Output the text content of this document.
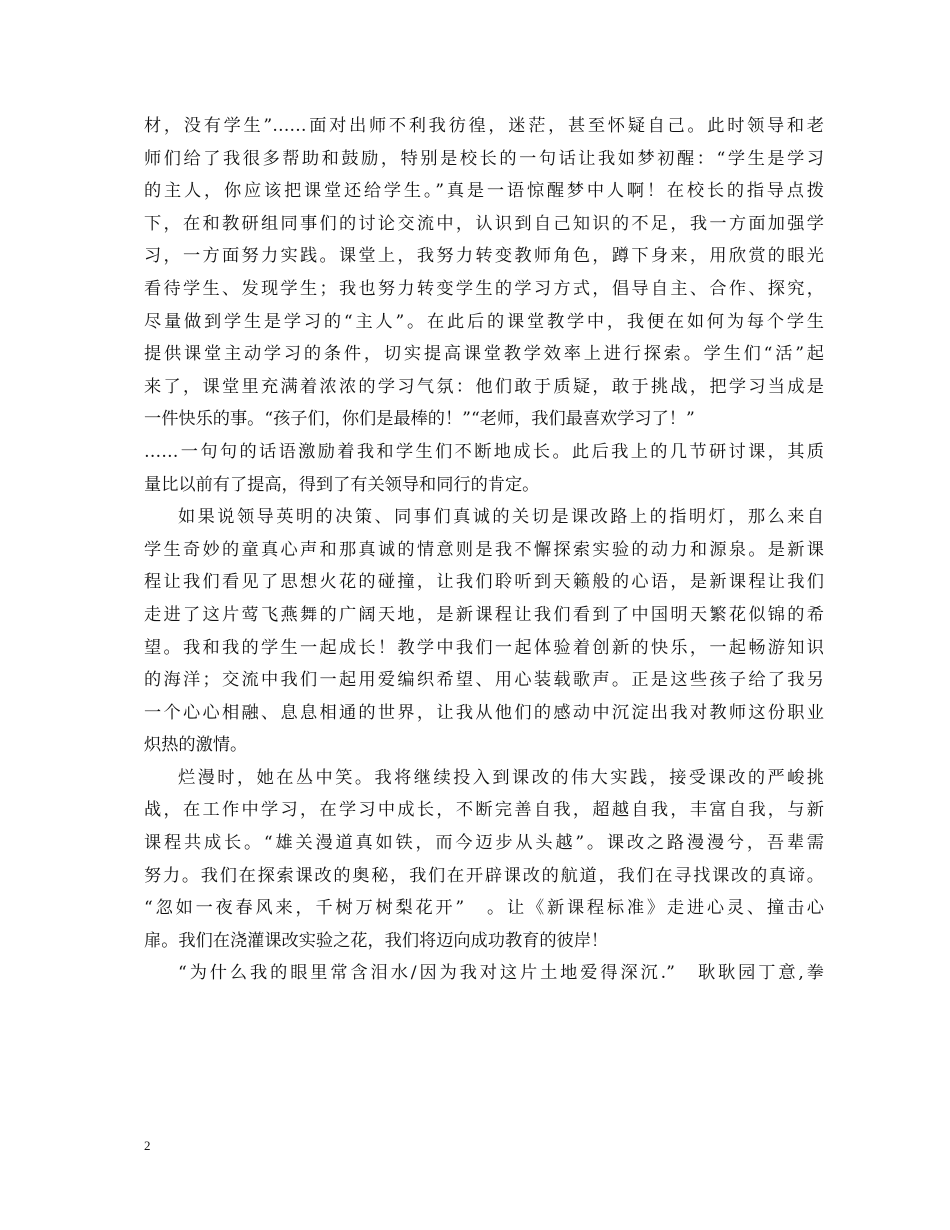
材，没有学生”……面对出师不利我彷徨，迷茫，甚至怀疑自己。此时领导和老
师们给了我很多帮助和鼓励，特别是校长的一句话让我如梦初醒：“学生是学习
的主人，你应该把课堂还给学生。”真是一语惊醒梦中人啊！在校长的指导点拨
下，在和教研组同事们的讨论交流中，认识到自己知识的不足，我一方面加强学
习，一方面努力实践。课堂上，我努力转变教师角色，蹲下身来，用欣赏的眼光
看待学生、发现学生；我也努力转变学生的学习方式，倡导自主、合作、探究，
尽量做到学生是学习的“主人”。在此后的课堂教学中，我便在如何为每个学生
提供课堂主动学习的条件，切实提高课堂教学效率上进行探索。学生们“活”起
来了，课堂里充满着浓浓的学习气氛：他们敢于质疑，敢于挑战，把学习当成是
一件快乐的事。“孩子们，你们是最棒的！”“老师，我们最喜欢学习了！”
……一句句的话语激励着我和学生们不断地成长。此后我上的几节研讨课，其质
量比以前有了提高，得到了有关领导和同行的肯定。
如果说领导英明的决策、同事们真诚的关切是课改路上的指明灯，那么来自
学生奇妙的童真心声和那真诚的情意则是我不懈探索实验的动力和源泉。是新课
程让我们看见了思想火花的碰撞，让我们聆听到天籁般的心语，是新课程让我们
走进了这片莺飞燕舞的广阔天地，是新课程让我们看到了中国明天繁花似锦的希
望。我和我的学生一起成长！教学中我们一起体验着创新的快乐，一起畅游知识
的海洋；交流中我们一起用爱编织希望、用心装载歌声。正是这些孩子给了我另
一个心心相融、息息相通的世界，让我从他们的感动中沉淀出我对教师这份职业
炽热的激情。
烂漫时，她在丛中笑。我将继续投入到课改的伟大实践，接受课改的严峻挑
战，在工作中学习，在学习中成长，不断完善自我，超越自我，丰富自我，与新
课程共成长。“雄关漫道真如铁，而今迈步从头越”。课改之路漫漫兮，吾辈需
努力。我们在探索课改的奥秘，我们在开辟课改的航道，我们在寻找课改的真谛。
“忽如一夜春风来，千树万树梨花开”　。让《新课程标准》走进心灵、撞击心
扉。我们在浇灌课改实验之花，我们将迈向成功教育的彼岸！
“为什么我的眼里常含泪水/因为我对这片土地爱得深沉.”　耿耿园丁意,拳
2
